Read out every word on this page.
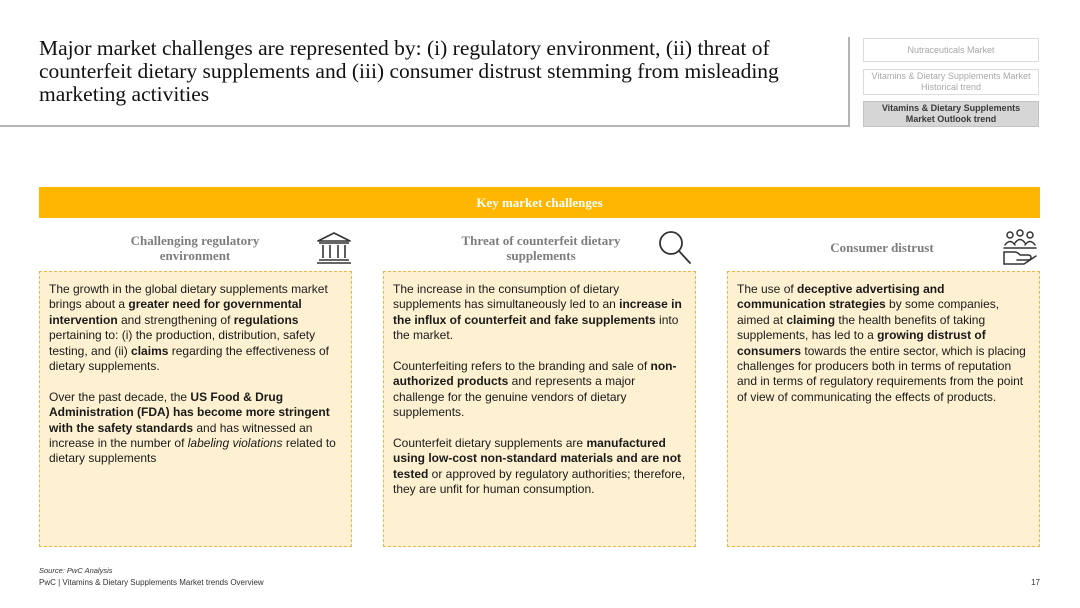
Major market challenges are represented by: (i) regulatory environment, (ii) threat of counterfeit dietary supplements and (iii) consumer distrust stemming from misleading marketing activities
Nutraceuticals Market
Vitamins & Dietary Supplements Market Historical trend
Vitamins & Dietary Supplements Market Outlook trend
Key market challenges
Challenging regulatory environment
Threat of counterfeit dietary supplements
Consumer distrust

The growth in the global dietary supplements market brings about a greater need for governmental intervention and strengthening of regulations pertaining to: (i) the production, distribution, safety testing, and (ii) claims regarding the effectiveness of dietary supplements.

Over the past decade, the US Food & Drug Administration (FDA) has become more stringent with the safety standards and has witnessed an increase in the number of labeling violations related to dietary supplements

The increase in the consumption of dietary supplements has simultaneously led to an increase in the influx of counterfeit and fake supplements into the market.

Counterfeiting refers to the branding and sale of non-authorized products and represents a major challenge for the genuine vendors of dietary supplements.

Counterfeit dietary supplements are manufactured using low-cost non-standard materials and are not tested or approved by regulatory authorities; therefore, they are unfit for human consumption.

The use of deceptive advertising and communication strategies by some companies, aimed at claiming the health benefits of taking supplements, has led to a growing distrust of consumers towards the entire sector, which is placing challenges for producers both in terms of reputation and in terms of regulatory requirements from the point of view of communicating the effects of products.

Source: PwC Analysis
PwC | Vitamins & Dietary Supplements Market trends Overview	17
